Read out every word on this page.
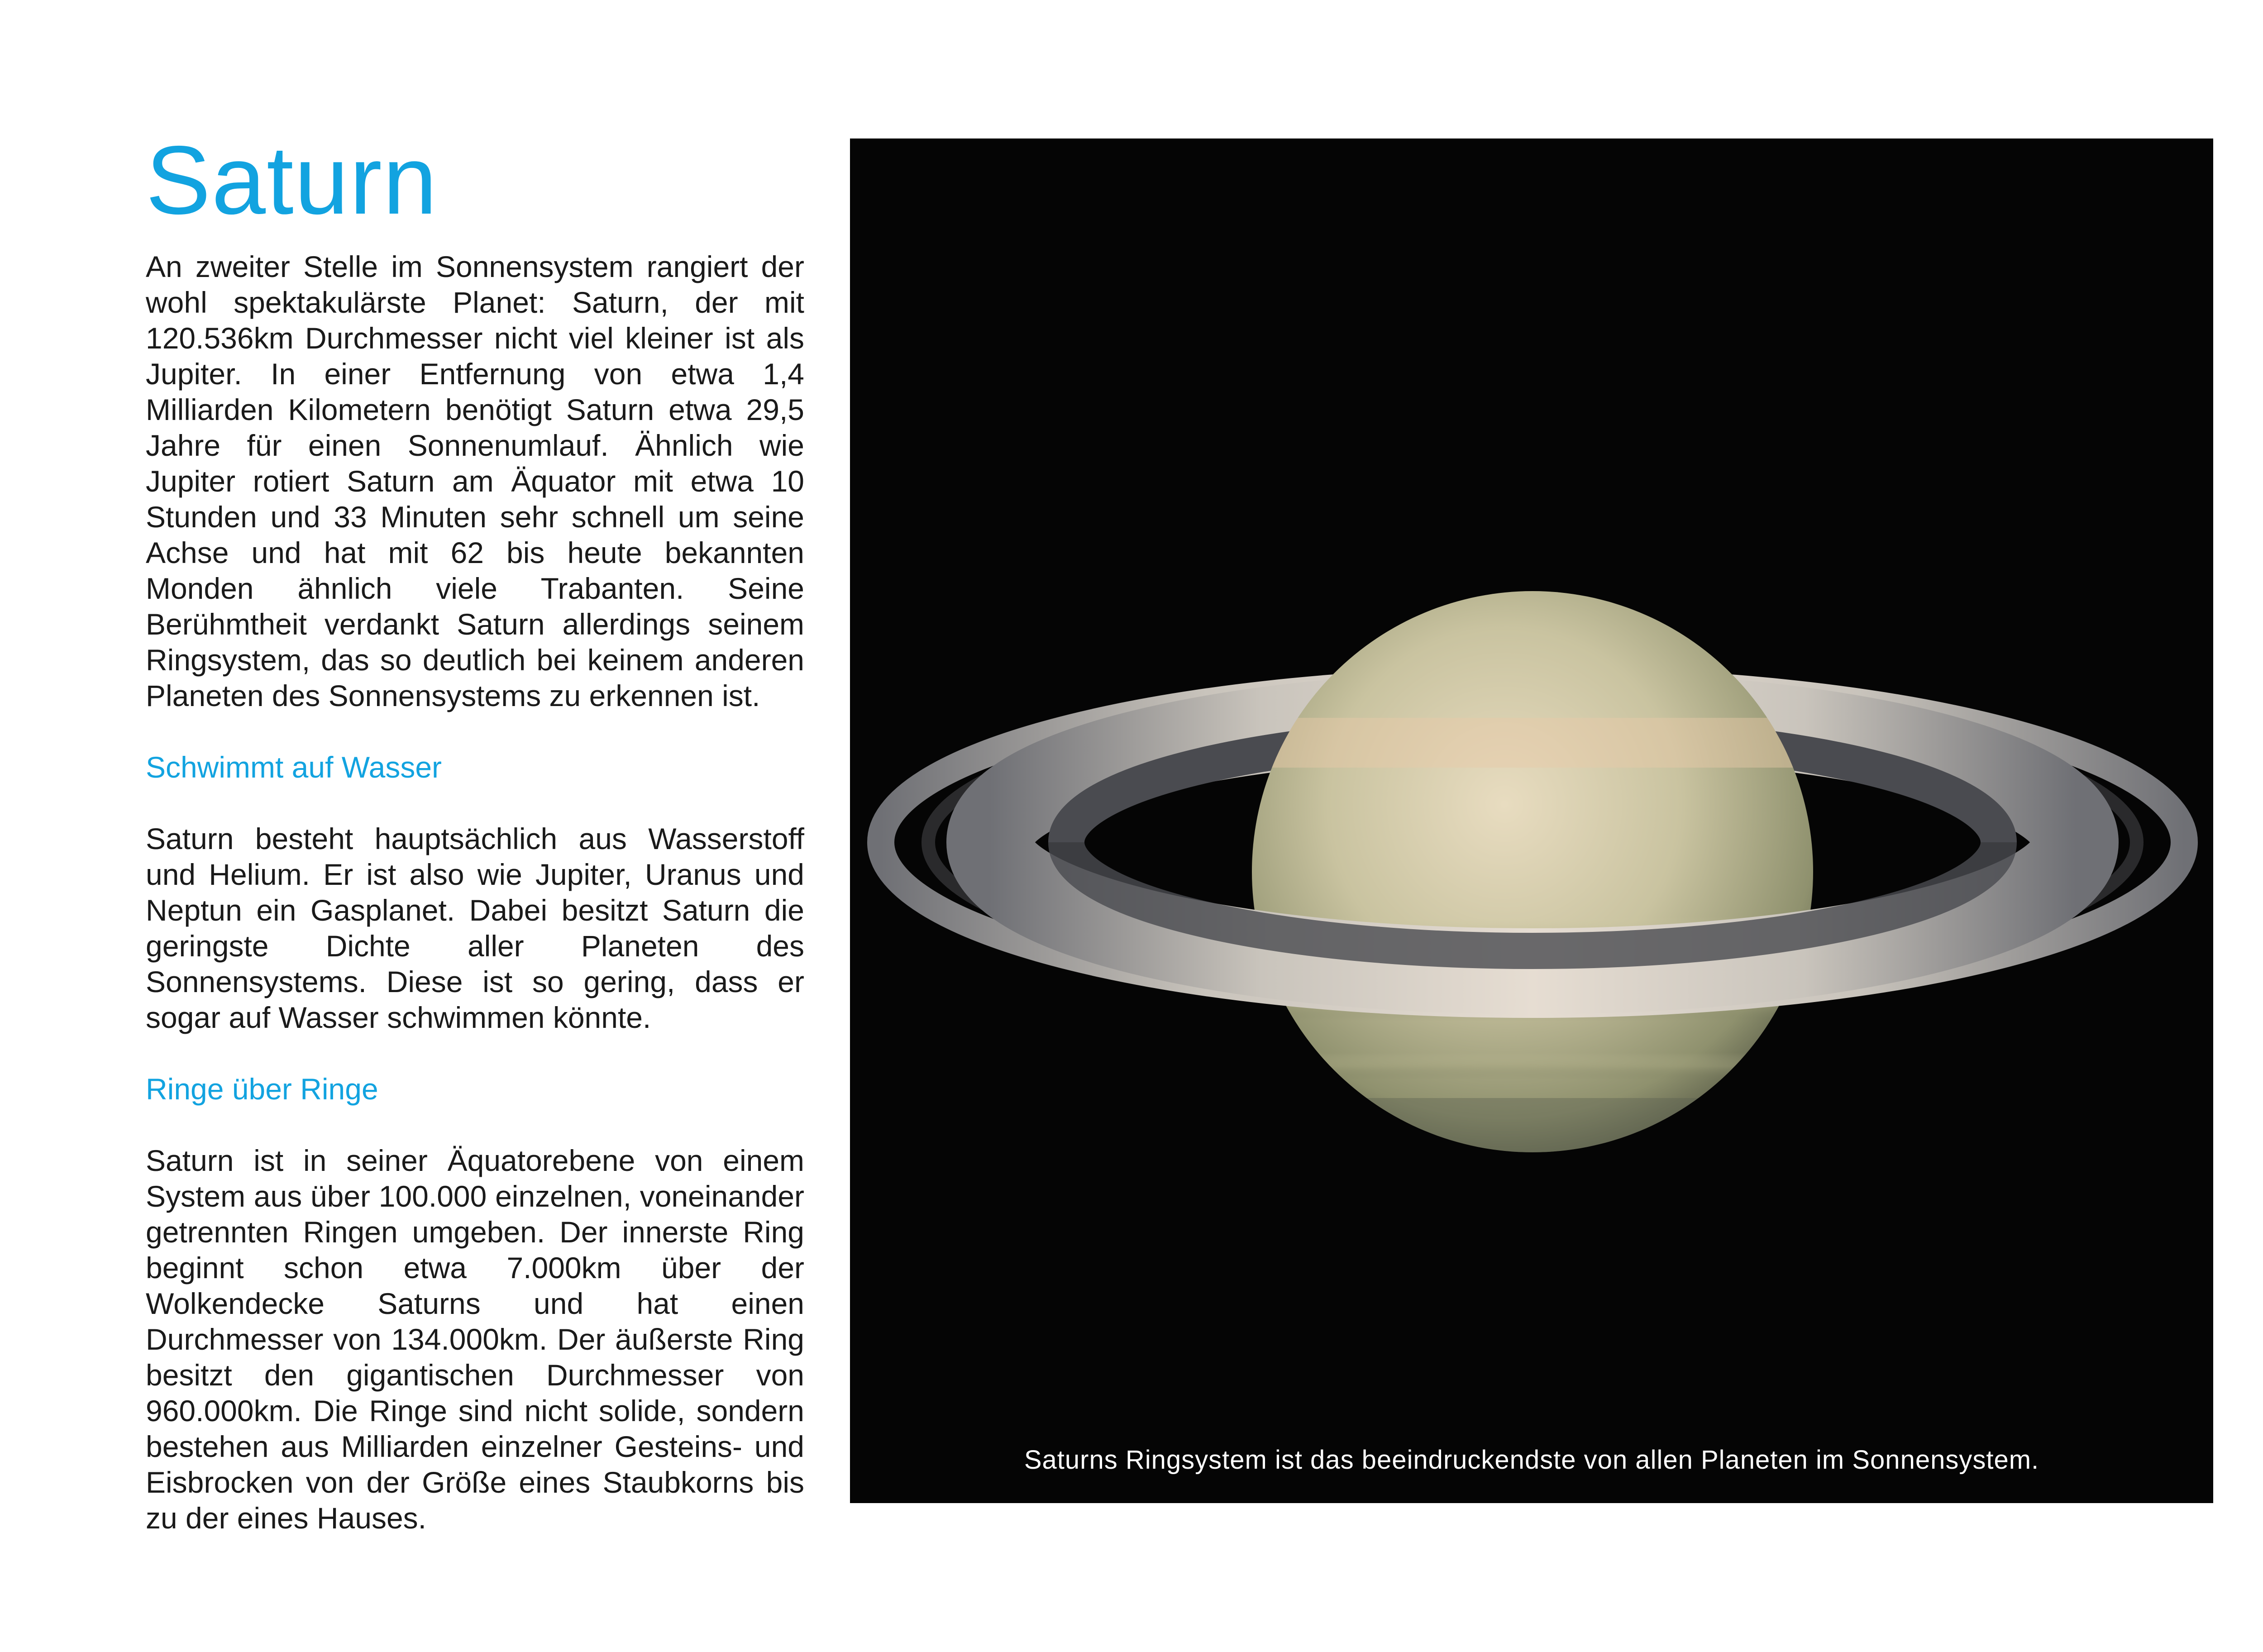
Saturn

An zweiter Stelle im Sonnensystem rangiert der wohl spektakulärste Planet: Saturn, der mit 120.536km Durchmesser nicht viel kleiner ist als Jupiter. In einer Entfernung von etwa 1,4 Milliarden Kilometern benötigt Saturn etwa 29,5 Jahre für einen Sonnenumlauf. Ähnlich wie Jupiter rotiert Saturn am Äquator mit etwa 10 Stunden und 33 Minuten sehr schnell um seine Achse und hat mit 62 bis heute bekannten Monden ähnlich viele Trabanten. Seine Berühmtheit verdankt Saturn allerdings seinem Ringsystem, das so deutlich bei keinem anderen Planeten des Sonnensystems zu erkennen ist.

Schwimmt auf Wasser

Saturn besteht hauptsächlich aus Wasserstoff und Helium. Er ist also wie Jupiter, Uranus und Neptun ein Gasplanet. Dabei besitzt Saturn die geringste Dichte aller Planeten des Sonnensystems. Diese ist so gering, dass er sogar auf Wasser schwimmen könnte.

Ringe über Ringe

Saturn ist in seiner Äquatorebene von einem System aus über 100.000 einzelnen, voneinander getrennten Ringen umgeben. Der innerste Ring beginnt schon etwa 7.000km über der Wolkendecke Saturns und hat einen Durchmesser von 134.000km. Der äußerste Ring besitzt den gigantischen Durchmesser von 960.000km. Die Ringe sind nicht solide, sondern bestehen aus Milliarden einzelner Gesteins- und Eisbrocken von der Größe eines Staubkorns bis zu der eines Hauses.

Saturns Ringsystem ist das beeindruckendste von allen Planeten im Sonnensystem.
